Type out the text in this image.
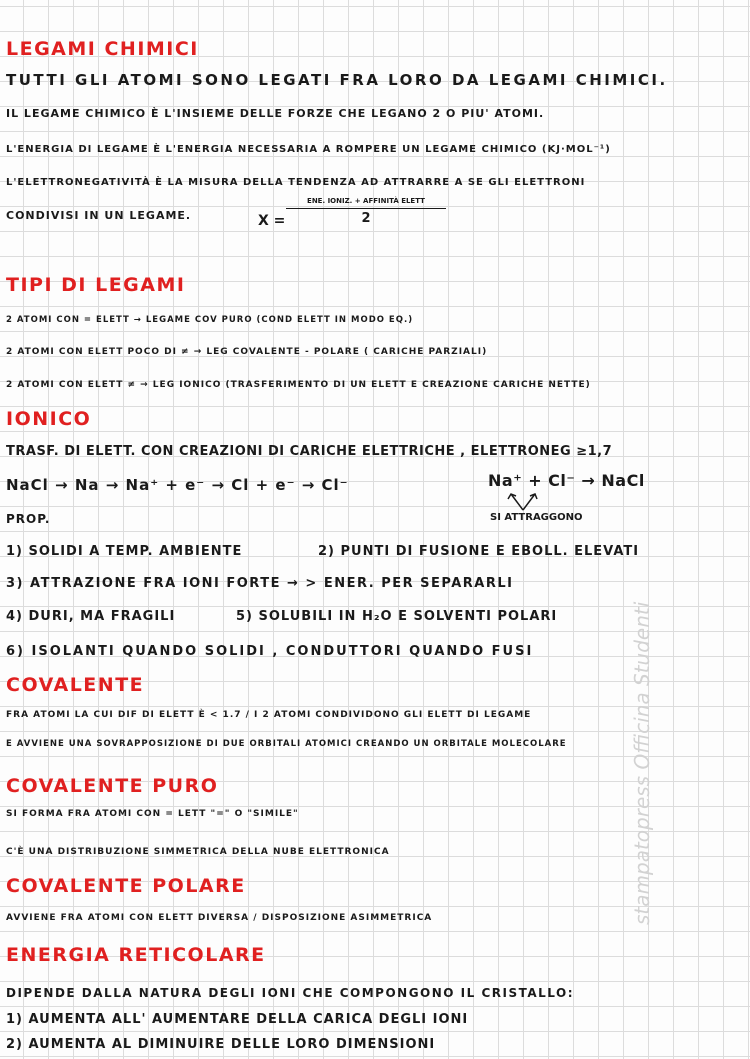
stampatopress Officina Studenti
LEGAMI CHIMICI
TUTTI GLI ATOMI SONO LEGATI FRA LORO DA LEGAMI CHIMICI.
IL LEGAME CHIMICO È L'INSIEME DELLE FORZE CHE LEGANO 2 O PIU' ATOMI.
L'ENERGIA DI LEGAME È L'ENERGIA NECESSARIA A ROMPERE UN LEGAME CHIMICO (KJ·MOL⁻¹)
L'ELETTRONEGATIVITÀ È LA MISURA DELLA TENDENZA AD ATTRARRE A SE GLI ELETTRONI
CONDIVISI IN UN LEGAME.	X =
ENE. IONIZ. + AFFINITÀ ELETT
2
TIPI DI LEGAMI
2 ATOMI CON = ELETT → LEGAME COV PURO (COND ELETT IN MODO EQ.)
2 ATOMI CON ELETT POCO DI ≠ → LEG COVALENTE - POLARE ( CARICHE PARZIALI)
2 ATOMI CON ELETT ≠ → LEG IONICO (TRASFERIMENTO DI UN ELETT E CREAZIONE CARICHE NETTE)
IONICO
TRASF. DI ELETT. CON CREAZIONI DI CARICHE ELETTRICHE , ELETTRONEG ≥1,7
NaCl → Na → Na⁺ + e⁻ → Cl + e⁻ → Cl⁻	Na⁺ + Cl⁻ → NaCl
SI ATTRAGGONO
PROP.
1) SOLIDI A TEMP. AMBIENTE	2) PUNTI DI FUSIONE E EBOLL. ELEVATI
3) ATTRAZIONE FRA IONI FORTE → > ENER. PER SEPARARLI
4) DURI, MA FRAGILI	5) SOLUBILI IN H₂O E SOLVENTI POLARI
6) ISOLANTI QUANDO SOLIDI , CONDUTTORI QUANDO FUSI
COVALENTE
FRA ATOMI LA CUI DIF DI ELETT È < 1.7 / I 2 ATOMI CONDIVIDONO GLI ELETT DI LEGAME
E AVVIENE UNA SOVRAPPOSIZIONE DI DUE ORBITALI ATOMICI CREANDO UN ORBITALE MOLECOLARE
COVALENTE PURO
SI FORMA FRA ATOMI CON = LETT "=" O "SIMILE"
C'È UNA DISTRIBUZIONE SIMMETRICA DELLA NUBE ELETTRONICA
COVALENTE POLARE
AVVIENE FRA ATOMI CON ELETT DIVERSA / DISPOSIZIONE ASIMMETRICA
ENERGIA RETICOLARE
DIPENDE DALLA NATURA DEGLI IONI CHE COMPONGONO IL CRISTALLO:
1) AUMENTA ALL' AUMENTARE DELLA CARICA DEGLI IONI
2) AUMENTA AL DIMINUIRE DELLE LORO DIMENSIONI
